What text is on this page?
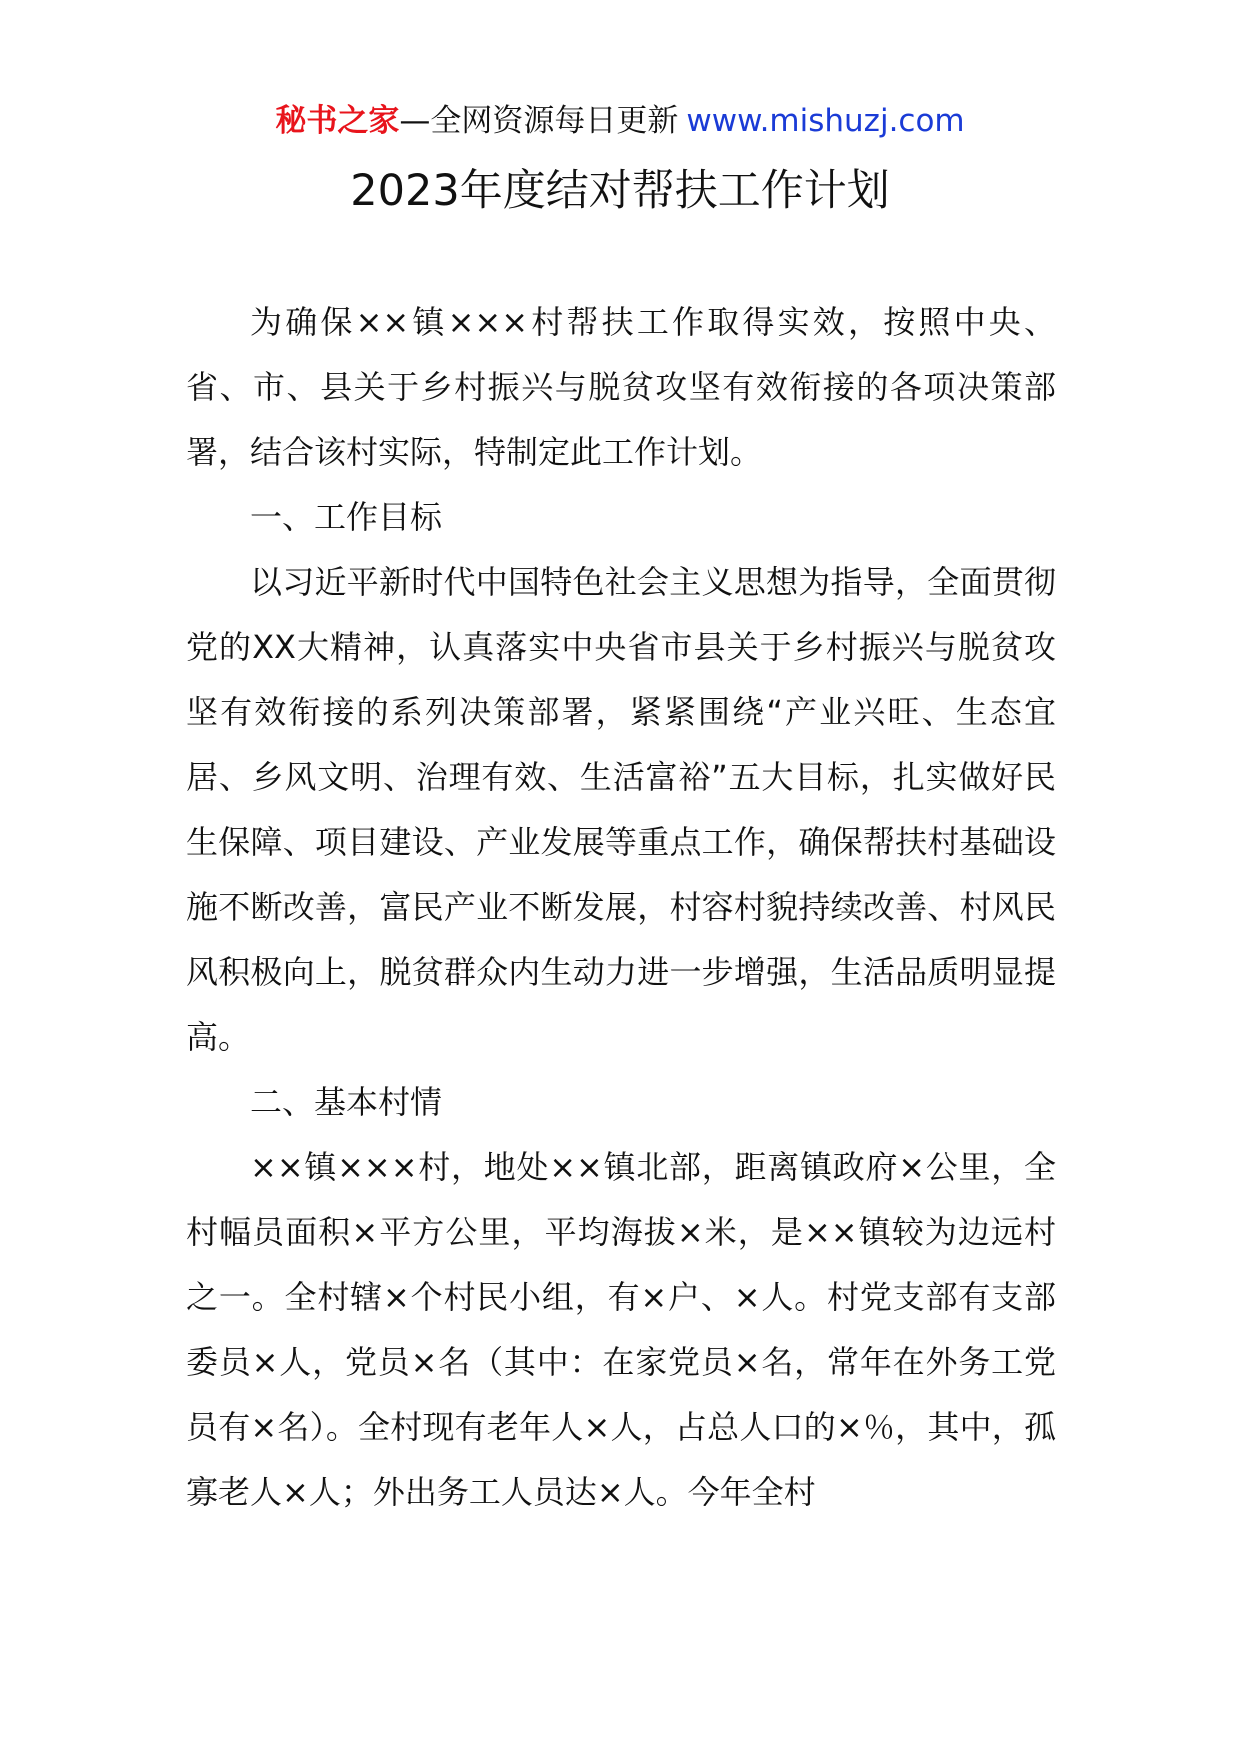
秘书之家—全网资源每日更新 www.mishuzj.com
2023年度结对帮扶工作计划

为确保××镇×××村帮扶工作取得实效，按照中央、省、市、县关于乡村振兴与脱贫攻坚有效衔接的各项决策部署，结合该村实际，特制定此工作计划。

一、工作目标

以习近平新时代中国特色社会主义思想为指导，全面贯彻党的XX大精神，认真落实中央省市县关于乡村振兴与脱贫攻坚有效衔接的系列决策部署，紧紧围绕“产业兴旺、生态宜居、乡风文明、治理有效、生活富裕”五大目标，扎实做好民生保障、项目建设、产业发展等重点工作，确保帮扶村基础设施不断改善，富民产业不断发展，村容村貌持续改善、村风民风积极向上，脱贫群众内生动力进一步增强，生活品质明显提高。

二、基本村情

××镇×××村，地处××镇北部，距离镇政府×公里，全村幅员面积×平方公里，平均海拔×米，是××镇较为边远村之一。全村辖×个村民小组，有×户、×人。村党支部有支部委员×人，党员×名（其中：在家党员×名，常年在外务工党员有×名）。全村现有老年人×人，占总人口的×％，其中，孤寡老人×人；外出务工人员达×人。今年全村
